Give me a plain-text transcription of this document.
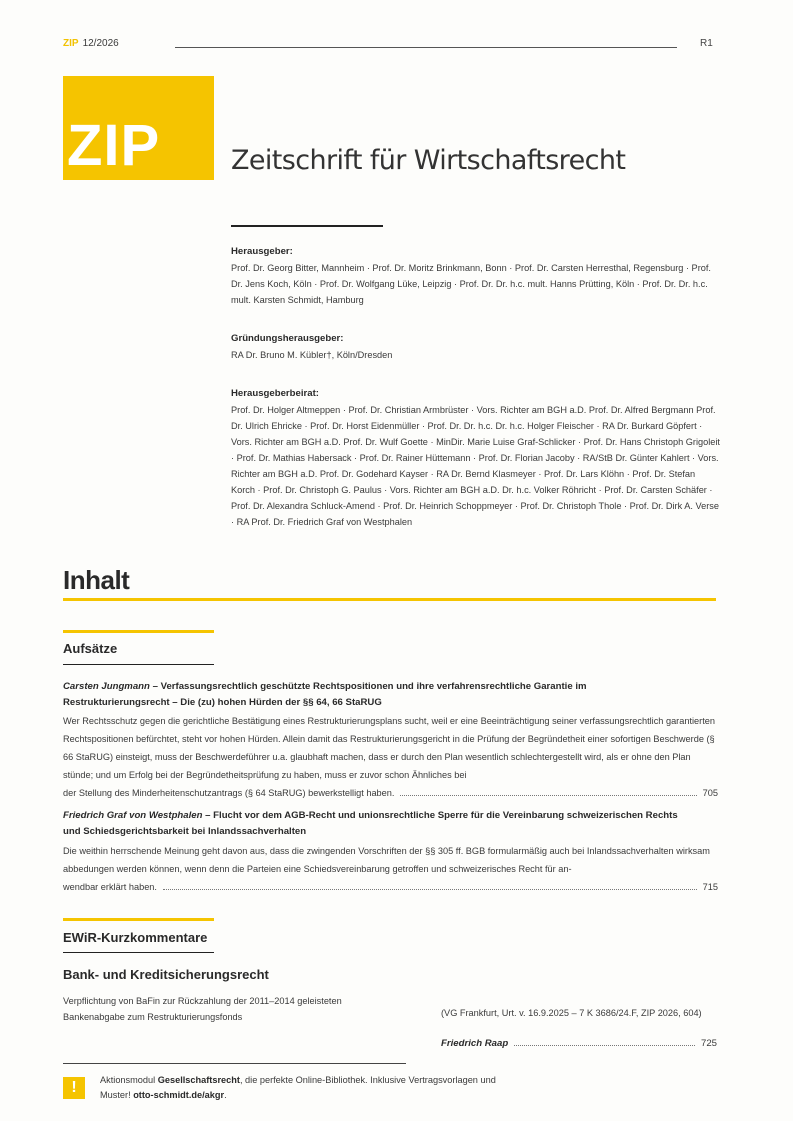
ZIP 12/2026	R1
ZIP	Zeitschrift für Wirtschaftsrecht
Herausgeber:
Prof. Dr. Georg Bitter, Mannheim · Prof. Dr. Moritz Brinkmann, Bonn · Prof. Dr. Carsten Herresthal, Regensburg · Prof. Dr. Jens Koch, Köln · Prof. Dr. Wolfgang Lüke, Leipzig · Prof. Dr. Dr. h.c. mult. Hanns Prütting, Köln · Prof. Dr. Dr. h.c. mult. Karsten Schmidt, Hamburg
Gründungsherausgeber:
RA Dr. Bruno M. Kübler†, Köln/Dresden
Herausgeberbeirat:
Prof. Dr. Holger Altmeppen · Prof. Dr. Christian Armbrüster · Vors. Richter am BGH a.D. Prof. Dr. Alfred Bergmann Prof. Dr. Ulrich Ehricke · Prof. Dr. Horst Eidenmüller · Prof. Dr. Dr. h.c. Dr. h.c. Holger Fleischer · RA Dr. Burkard Göpfert · Vors. Richter am BGH a.D. Prof. Dr. Wulf Goette · MinDir. Marie Luise Graf-Schlicker · Prof. Dr. Hans Christoph Grigoleit · Prof. Dr. Mathias Habersack · Prof. Dr. Rainer Hüttemann · Prof. Dr. Florian Jacoby · RA/StB Dr. Günter Kahlert · Vors. Richter am BGH a.D. Prof. Dr. Godehard Kayser · RA Dr. Bernd Klasmeyer · Prof. Dr. Lars Klöhn · Prof. Dr. Stefan Korch · Prof. Dr. Christoph G. Paulus · Vors. Richter am BGH a.D. Dr. h.c. Volker Röhricht · Prof. Dr. Carsten Schäfer · Prof. Dr. Alexandra Schluck-Amend · Prof. Dr. Heinrich Schoppmeyer · Prof. Dr. Christoph Thole · Prof. Dr. Dirk A. Verse · RA Prof. Dr. Friedrich Graf von Westphalen
Inhalt
Aufsätze
Carsten Jungmann – Verfassungsrechtlich geschützte Rechtspositionen und ihre verfahrensrechtliche Garantie im Restrukturierungsrecht – Die (zu) hohen Hürden der §§ 64, 66 StaRUG
Wer Rechtsschutz gegen die gerichtliche Bestätigung eines Restrukturierungsplans sucht, weil er eine Beeinträchtigung seiner verfassungsrechtlich garantierten Rechtspositionen befürchtet, steht vor hohen Hürden. Allein damit das Restrukturierungsgericht in die Prüfung der Begründetheit einer sofortigen Beschwerde (§ 66 StaRUG) einsteigt, muss der Beschwerdeführer u.a. glaubhaft machen, dass er durch den Plan wesentlich schlechtergestellt wird, als er ohne den Plan stünde; und um Erfolg bei der Begründetheitsprüfung zu haben, muss er zuvor schon Ähnliches bei
der Stellung des Minderheitenschutzantrags (§ 64 StaRUG) bewerkstelligt haben.	705
Friedrich Graf von Westphalen – Flucht vor dem AGB-Recht und unionsrechtliche Sperre für die Vereinbarung schweizerischen Rechts und Schiedsgerichtsbarkeit bei Inlandssachverhalten
Die weithin herrschende Meinung geht davon aus, dass die zwingenden Vorschriften der §§ 305 ff. BGB formularmäßig auch bei Inlandssachverhalten wirksam abbedungen werden können, wenn denn die Parteien eine Schiedsvereinbarung getroffen und schweizerisches Recht für an-
wendbar erklärt haben.	715
EWiR-Kurzkommentare
Bank- und Kreditsicherungsrecht
Verpflichtung von BaFin zur Rückzahlung der 2011–2014 geleisteten Bankenabgabe zum Restrukturierungsfonds	(VG Frankfurt, Urt. v. 16.9.2025 – 7 K 3686/24.F, ZIP 2026, 604)
Friedrich Raap	725
!	Aktionsmodul Gesellschaftsrecht, die perfekte Online-Bibliothek. Inklusive Vertragsvorlagen und Muster! otto-schmidt.de/akgr.
